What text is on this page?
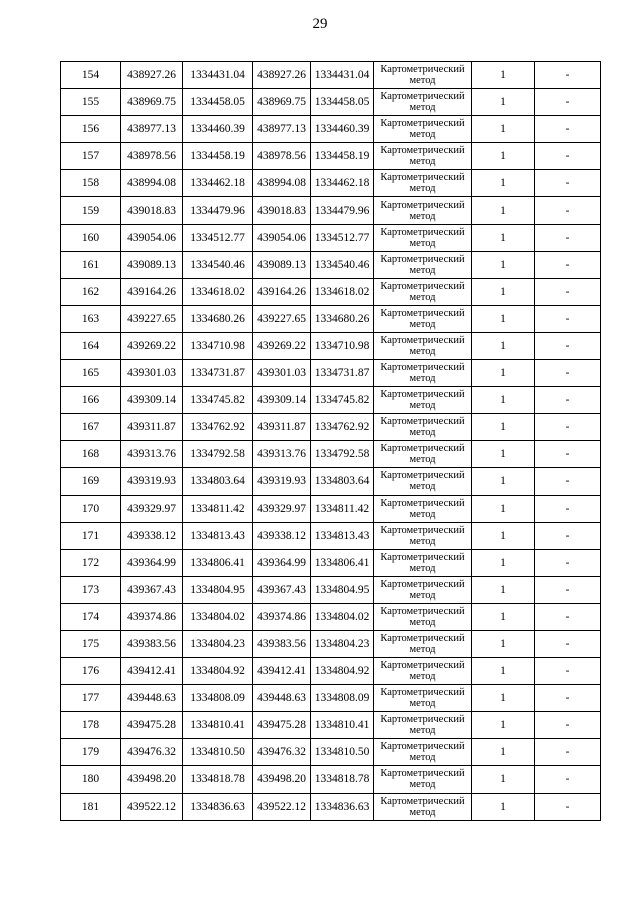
29
154	438927.26	1334431.04	438927.26	1334431.04	Картометрический метод	1	-
155	438969.75	1334458.05	438969.75	1334458.05	Картометрический метод	1	-
156	438977.13	1334460.39	438977.13	1334460.39	Картометрический метод	1	-
157	438978.56	1334458.19	438978.56	1334458.19	Картометрический метод	1	-
158	438994.08	1334462.18	438994.08	1334462.18	Картометрический метод	1	-
159	439018.83	1334479.96	439018.83	1334479.96	Картометрический метод	1	-
160	439054.06	1334512.77	439054.06	1334512.77	Картометрический метод	1	-
161	439089.13	1334540.46	439089.13	1334540.46	Картометрический метод	1	-
162	439164.26	1334618.02	439164.26	1334618.02	Картометрический метод	1	-
163	439227.65	1334680.26	439227.65	1334680.26	Картометрический метод	1	-
164	439269.22	1334710.98	439269.22	1334710.98	Картометрический метод	1	-
165	439301.03	1334731.87	439301.03	1334731.87	Картометрический метод	1	-
166	439309.14	1334745.82	439309.14	1334745.82	Картометрический метод	1	-
167	439311.87	1334762.92	439311.87	1334762.92	Картометрический метод	1	-
168	439313.76	1334792.58	439313.76	1334792.58	Картометрический метод	1	-
169	439319.93	1334803.64	439319.93	1334803.64	Картометрический метод	1	-
170	439329.97	1334811.42	439329.97	1334811.42	Картометрический метод	1	-
171	439338.12	1334813.43	439338.12	1334813.43	Картометрический метод	1	-
172	439364.99	1334806.41	439364.99	1334806.41	Картометрический метод	1	-
173	439367.43	1334804.95	439367.43	1334804.95	Картометрический метод	1	-
174	439374.86	1334804.02	439374.86	1334804.02	Картометрический метод	1	-
175	439383.56	1334804.23	439383.56	1334804.23	Картометрический метод	1	-
176	439412.41	1334804.92	439412.41	1334804.92	Картометрический метод	1	-
177	439448.63	1334808.09	439448.63	1334808.09	Картометрический метод	1	-
178	439475.28	1334810.41	439475.28	1334810.41	Картометрический метод	1	-
179	439476.32	1334810.50	439476.32	1334810.50	Картометрический метод	1	-
180	439498.20	1334818.78	439498.20	1334818.78	Картометрический метод	1	-
181	439522.12	1334836.63	439522.12	1334836.63	Картометрический метод	1	-
